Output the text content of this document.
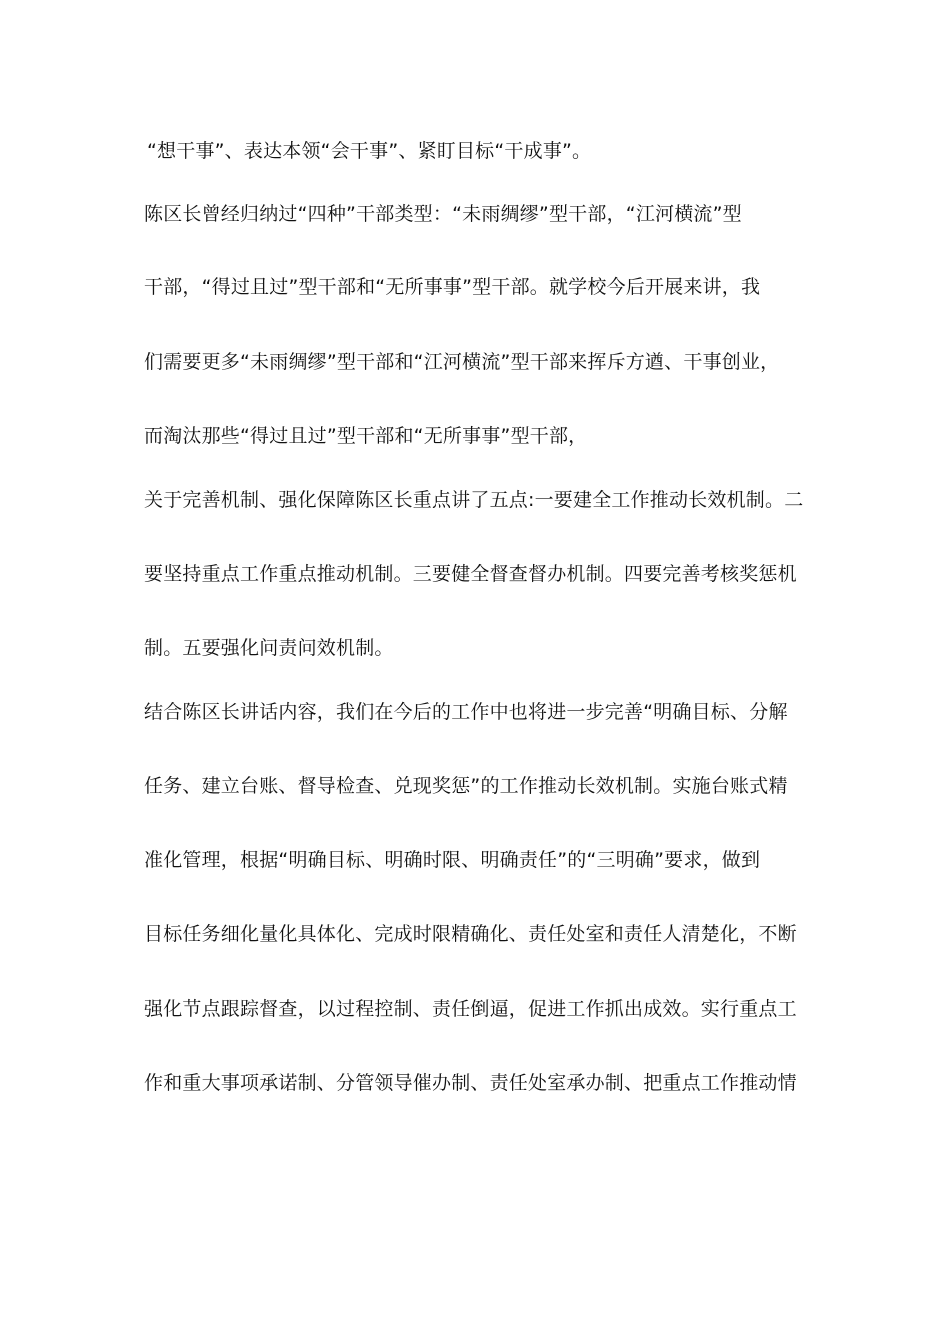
“想干事”、表达本领“会干事”、紧盯目标“干成事”。
陈区长曾经归纳过“四种”干部类型：“未雨绸缪”型干部，“江河横流”型
干部，“得过且过”型干部和“无所事事”型干部。就学校今后开展来讲，我
们需要更多“未雨绸缪”型干部和“江河横流”型干部来挥斥方遒、干事创业，
而淘汰那些“得过且过”型干部和“无所事事”型干部，
关于完善机制、强化保障陈区长重点讲了五点:一要建全工作推动长效机制。二
要坚持重点工作重点推动机制。三要健全督查督办机制。四要完善考核奖惩机
制。五要强化问责问效机制。
结合陈区长讲话内容，我们在今后的工作中也将进一步完善“明确目标、分解
任务、建立台账、督导检查、兑现奖惩”的工作推动长效机制。实施台账式精
准化管理，根据“明确目标、明确时限、明确责任”的“三明确”要求，做到
目标任务细化量化具体化、完成时限精确化、责任处室和责任人清楚化，不断
强化节点跟踪督查，以过程控制、责任倒逼，促进工作抓出成效。实行重点工
作和重大事项承诺制、分管领导催办制、责任处室承办制、把重点工作推动情
